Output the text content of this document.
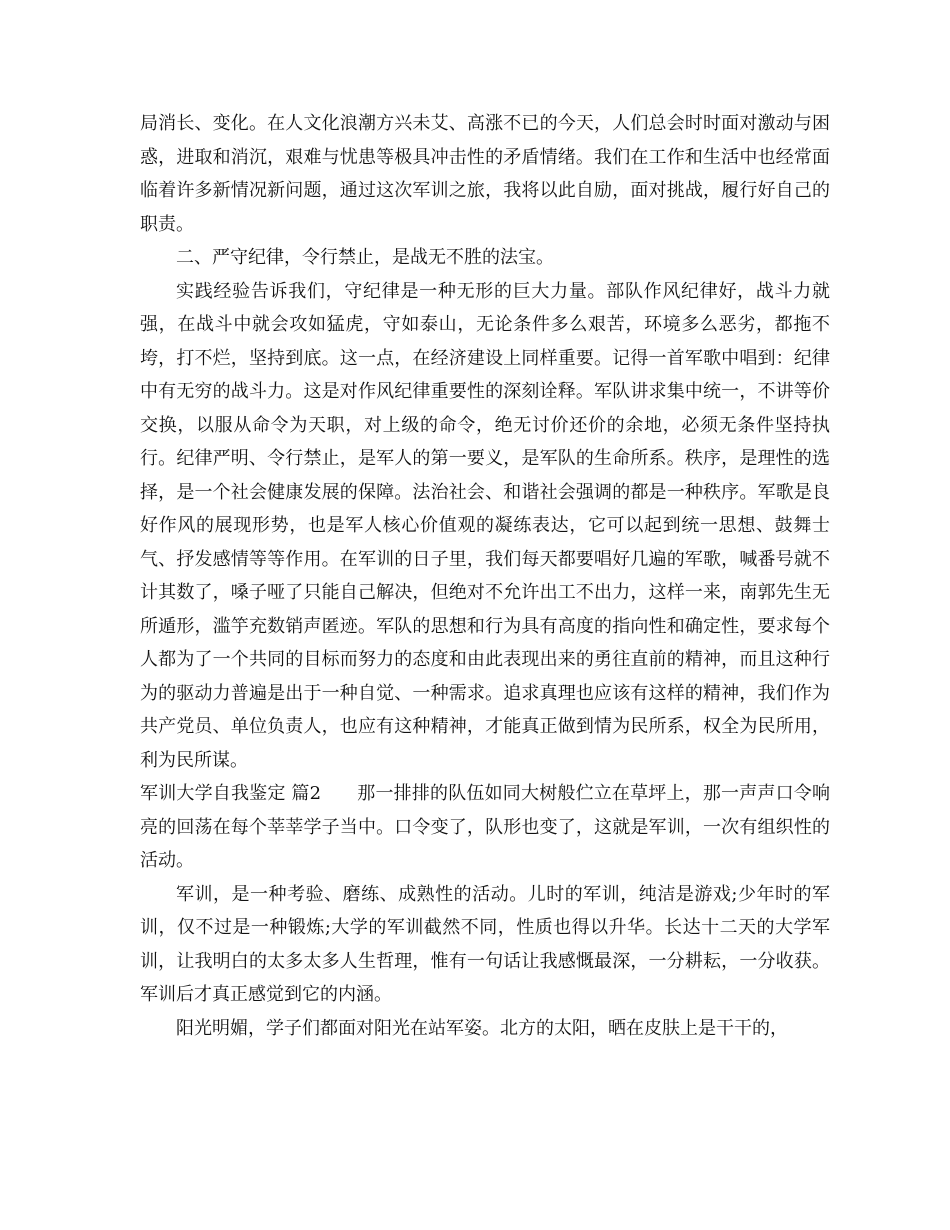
局消长、变化。在人文化浪潮方兴未艾、高涨不已的今天，人们总会时时面对激动与困惑，进取和消沉，艰难与忧患等极具冲击性的矛盾情绪。我们在工作和生活中也经常面临着许多新情况新问题，通过这次军训之旅，我将以此自励，面对挑战，履行好自己的职责。

二、严守纪律，令行禁止，是战无不胜的法宝。

实践经验告诉我们，守纪律是一种无形的巨大力量。部队作风纪律好，战斗力就强，在战斗中就会攻如猛虎，守如泰山，无论条件多么艰苦，环境多么恶劣，都拖不垮，打不烂，坚持到底。这一点，在经济建设上同样重要。记得一首军歌中唱到：纪律中有无穷的战斗力。这是对作风纪律重要性的深刻诠释。军队讲求集中统一，不讲等价交换，以服从命令为天职，对上级的命令，绝无讨价还价的余地，必须无条件坚持执行。纪律严明、令行禁止，是军人的第一要义，是军队的生命所系。秩序，是理性的选择，是一个社会健康发展的保障。法治社会、和谐社会强调的都是一种秩序。军歌是良好作风的展现形势，也是军人核心价值观的凝练表达，它可以起到统一思想、鼓舞士气、抒发感情等等作用。在军训的日子里，我们每天都要唱好几遍的军歌，喊番号就不计其数了，嗓子哑了只能自己解决，但绝对不允许出工不出力，这样一来，南郭先生无所遁形，滥竽充数销声匿迹。军队的思想和行为具有高度的指向性和确定性，要求每个人都为了一个共同的目标而努力的态度和由此表现出来的勇往直前的精神，而且这种行为的驱动力普遍是出于一种自觉、一种需求。追求真理也应该有这样的精神，我们作为共产党员、单位负责人，也应有这种精神，才能真正做到情为民所系，权全为民所用，利为民所谋。

军训大学自我鉴定 篇2 那一排排的队伍如同大树般伫立在草坪上，那一声声口令响亮的回荡在每个莘莘学子当中。口令变了，队形也变了，这就是军训，一次有组织性的活动。

军训，是一种考验、磨练、成熟性的活动。儿时的军训，纯洁是游戏;少年时的军训，仅不过是一种锻炼;大学的军训截然不同，性质也得以升华。长达十二天的大学军训，让我明白的太多太多人生哲理，惟有一句话让我感慨最深，一分耕耘，一分收获。军训后才真正感觉到它的内涵。

阳光明媚，学子们都面对阳光在站军姿。北方的太阳，晒在皮肤上是干干的，
